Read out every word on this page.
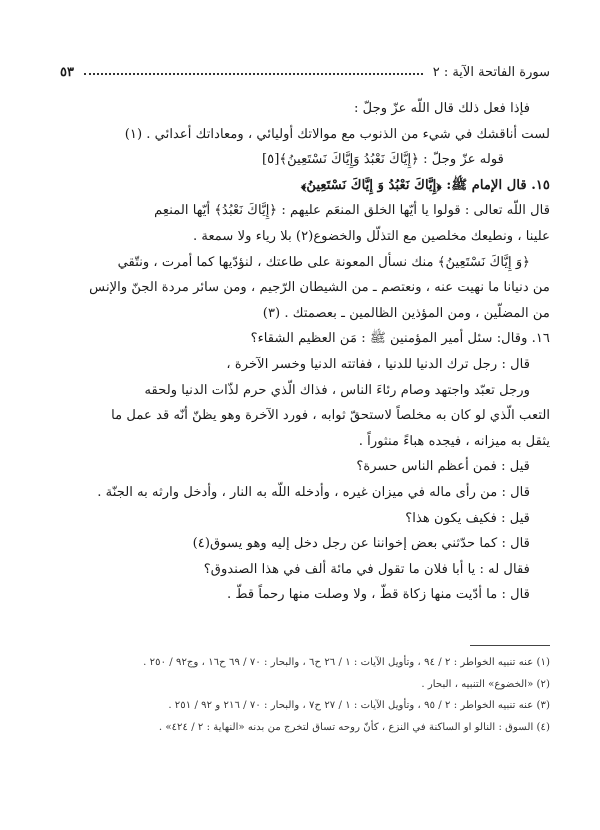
٥٣	سورة الفاتحة الآية : ٢
فإذا فعل ذلك قال اللّه عزّ وجلّ :
لست أناقشك في شيء من الذنوب مع موالاتك أوليائي ، ومعاداتك أعدائي . (١)
قوله عزّ وجلّ : ﴿إِيَّاكَ نَعْبُدُ وَإِيَّاكَ نَسْتَعِينُ﴾[٥]
١٥. قال الإمام ﷺ: ﴿إِيَّاكَ نَعْبُدُ وَ إِيَّاكَ نَسْتَعِينُ﴾
قال اللّه تعالى : قولوا يا أيّها الخلق المنعَم عليهم : ﴿إِيَّاكَ نَعْبُدُ﴾ أيّها المنعِم
علينا ، ونطيعك مخلصين مع التذلّل والخضوع(٢) بلا رياء ولا سمعة .
﴿وَ إِيَّاكَ نَسْتَعِينُ﴾ منك نسأل المعونة على طاعتك ، لنؤدّيها كما أمرت ، ونتّقي
من دنيانا ما نهيت عنه ، ونعتصم ـ من الشيطان الرّجيم ، ومن سائر مردة الجنّ والإنس
من المضلّين ، ومن المؤذين الظالمين ـ بعصمتك . (٣)
١٦. وقال: سئل أمير المؤمنين ﷺ : مَن العظيم الشقاء؟
قال : رجل ترك الدنيا للدنيا ، ففاتته الدنيا وخسر الآخرة ،
ورجل تعبّد واجتهد وصام رئاءَ الناس ، فذاك الّذي حرم لذّات الدنيا ولحقه
التعب الّذي لو كان به مخلصاً لاستحقّ ثوابه ، فورد الآخرة وهو يظنّ أنّه قد عمل ما
يثقل به ميزانه ، فيجده هباءً منثوراً .
قيل : فمن أعظم الناس حسرة؟
قال : من رأى ماله في ميزان غيره ، وأدخله اللّه به النار ، وأدخل وارثه به الجنّة .
قيل : فكيف يكون هذا؟
قال : كما حدّثني بعض إخواننا عن رجل دخل إليه وهو يسوق(٤)
فقال له : يا أبا فلان ما تقول في مائة ألف في هذا الصندوق؟
قال : ما أدّيت منها زكاة قطّ ، ولا وصلت منها رحماً قطّ .
(١) عنه تنبيه الخواطر : ٢ / ٩٤ ، وتأويل الآيات : ١ / ٢٦ ح٦ ، والبحار : ٧٠ / ٦٩ ح١٦ ، وج٩٢ / ٢٥٠ .
(٢) «الخضوع» التنبيه ، البحار .
(٣) عنه تنبيه الخواطر : ٢ / ٩٥ ، وتأويل الآيات : ١ / ٢٧ ح٧ ، والبحار : ٧٠ / ٢١٦ و ٩٢ / ٢٥١ .
(٤) السوق : النالو او الساكنة في النزع ، كأنّ روحه تساق لتخرج من بدنه «النهاية : ٢ / ٤٢٤» .
